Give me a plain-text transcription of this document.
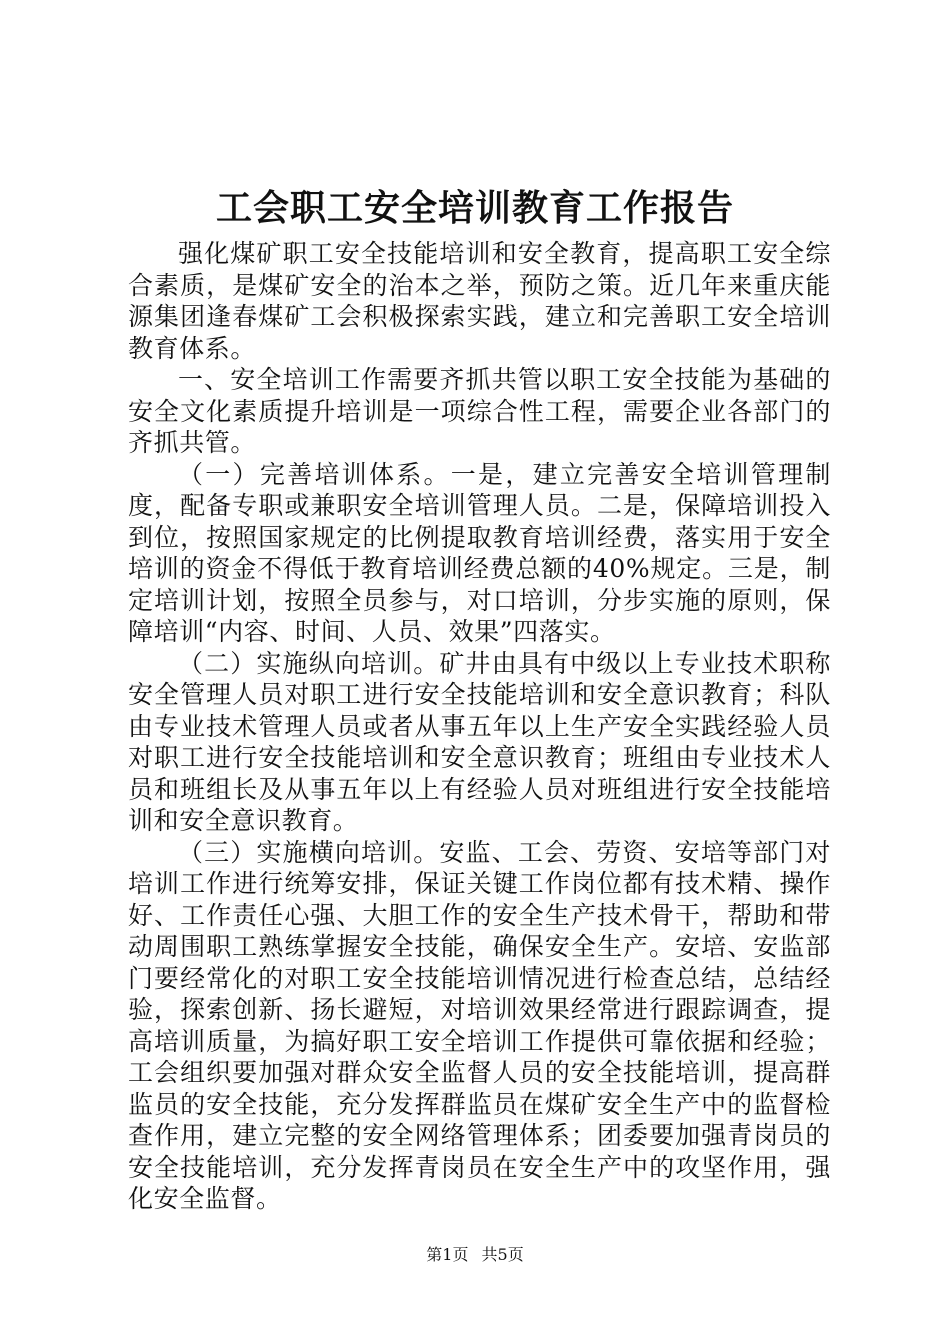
工会职工安全培训教育工作报告

强化煤矿职工安全技能培训和安全教育，提高职工安全综合素质，是煤矿安全的治本之举，预防之策。近几年来重庆能源集团逢春煤矿工会积极探索实践，建立和完善职工安全培训教育体系。

一、安全培训工作需要齐抓共管以职工安全技能为基础的安全文化素质提升培训是一项综合性工程，需要企业各部门的齐抓共管。

（一）完善培训体系。一是，建立完善安全培训管理制度，配备专职或兼职安全培训管理人员。二是，保障培训投入到位，按照国家规定的比例提取教育培训经费，落实用于安全培训的资金不得低于教育培训经费总额的40%规定。三是，制定培训计划，按照全员参与，对口培训，分步实施的原则，保障培训“内容、时间、人员、效果”四落实。

（二）实施纵向培训。矿井由具有中级以上专业技术职称安全管理人员对职工进行安全技能培训和安全意识教育；科队由专业技术管理人员或者从事五年以上生产安全实践经验人员对职工进行安全技能培训和安全意识教育；班组由专业技术人员和班组长及从事五年以上有经验人员对班组进行安全技能培训和安全意识教育。

（三）实施横向培训。安监、工会、劳资、安培等部门对培训工作进行统筹安排，保证关键工作岗位都有技术精、操作好、工作责任心强、大胆工作的安全生产技术骨干，帮助和带动周围职工熟练掌握安全技能，确保安全生产。安培、安监部门要经常化的对职工安全技能培训情况进行检查总结，总结经验，探索创新、扬长避短，对培训效果经常进行跟踪调查，提高培训质量，为搞好职工安全培训工作提供可靠依据和经验；工会组织要加强对群众安全监督人员的安全技能培训，提高群监员的安全技能，充分发挥群监员在煤矿安全生产中的监督检查作用，建立完整的安全网络管理体系；团委要加强青岗员的安全技能培训，充分发挥青岗员在安全生产中的攻坚作用，强化安全监督。

第1页 共5页
